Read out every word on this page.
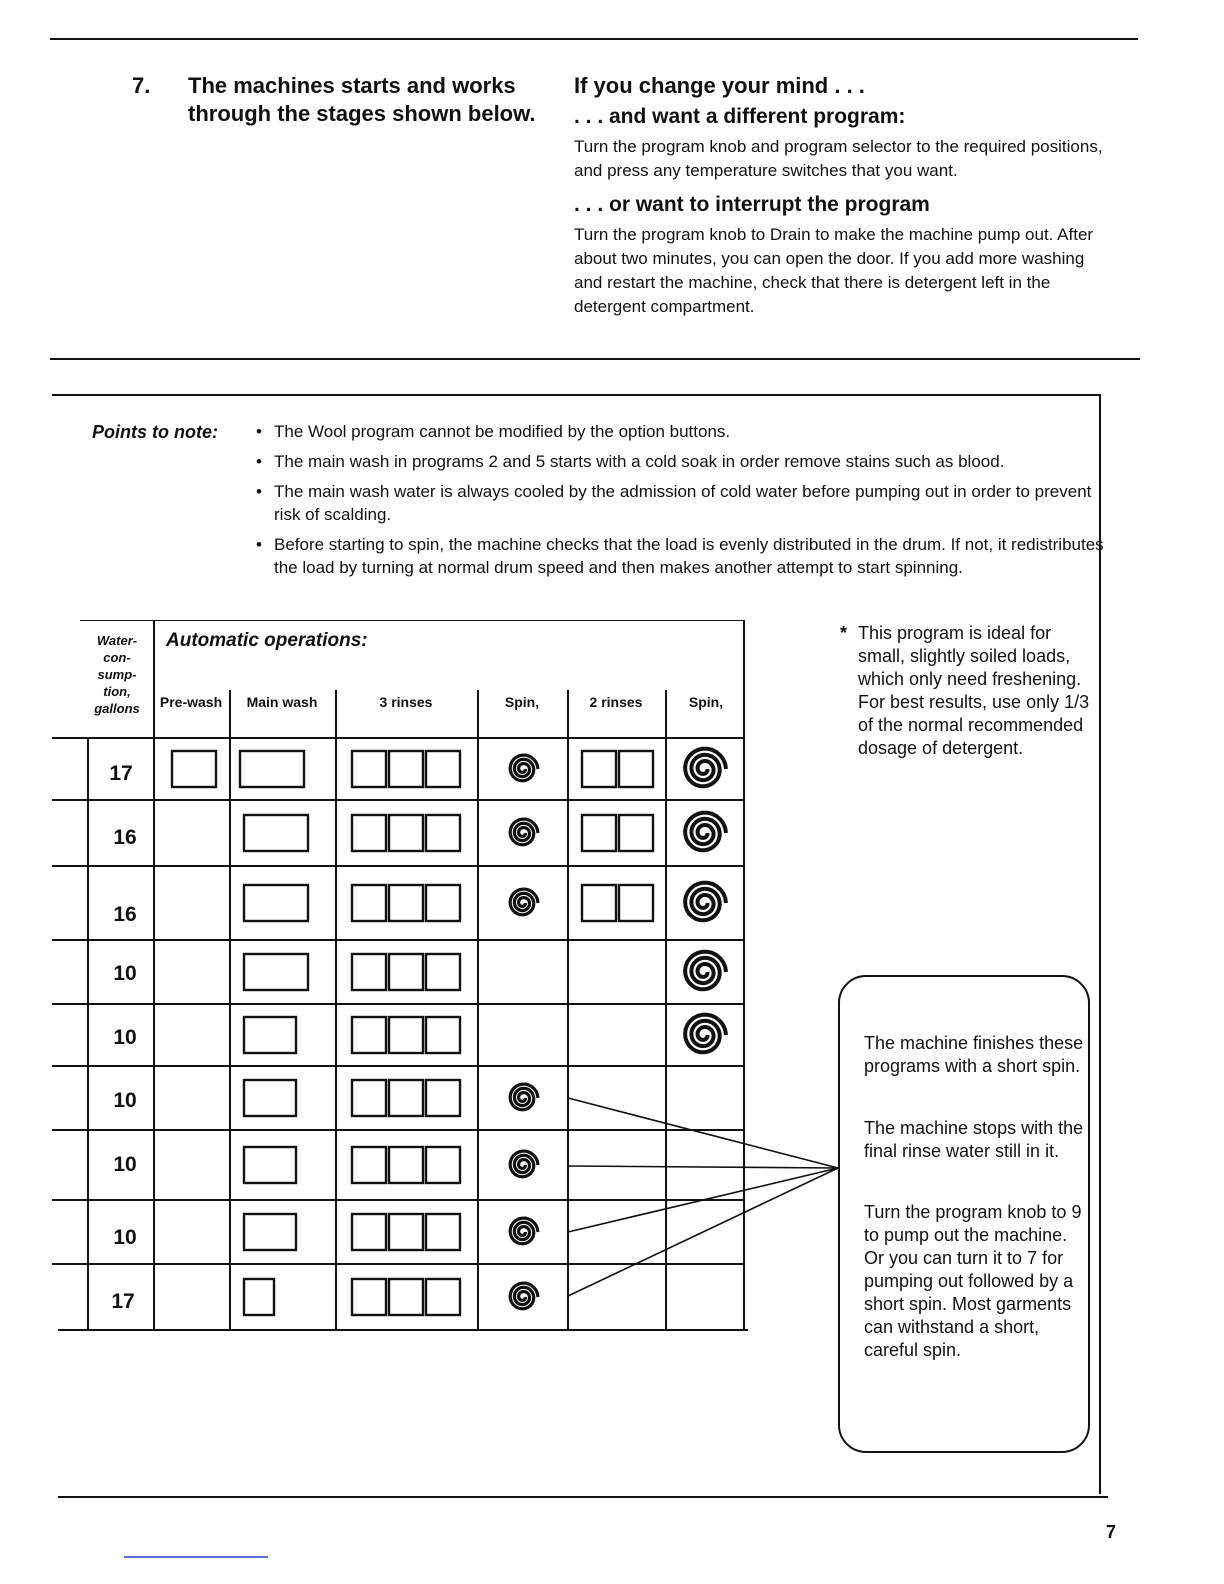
7. The machines starts and works through the stages shown below.
If you change your mind . . .
. . . and want a different program:
Turn the program knob and program selector to the required positions, and press any temperature switches that you want.
. . . or want to interrupt the program
Turn the program knob to Drain to make the machine pump out. After about two minutes, you can open the door. If you add more washing and restart the machine, check that there is detergent left in the detergent compartment.
Points to note:
•	The Wool program cannot be modified by the option buttons.
• The main wash in programs 2 and 5 starts with a cold soak in order remove stains such as blood.
• The main wash water is always cooled by the admission of cold water before pumping out in order to prevent risk of scalding.
• Before starting to spin, the machine checks that the load is evenly distributed in the drum. If not, it redistributes the load by turning at normal drum speed and then makes another attempt to start spinning.
Water-
con-
sump-
tion,
gallons
Automatic operations:
Pre-wash	Main wash	3 rinses	Spin,	2 rinses	Spin,
17
16
16
10
10
10
10
10
17
* This program is ideal for small, slightly soiled loads, which only need freshening. For best results, use only 1/3 of the normal recommended dosage of detergent.

The machine finishes these programs with a short spin.

The machine stops with the final rinse water still in it.

Turn the program knob to 9 to pump out the machine. Or you can turn it to 7 for pumping out followed by a short spin. Most garments can withstand a short, careful spin.

7
